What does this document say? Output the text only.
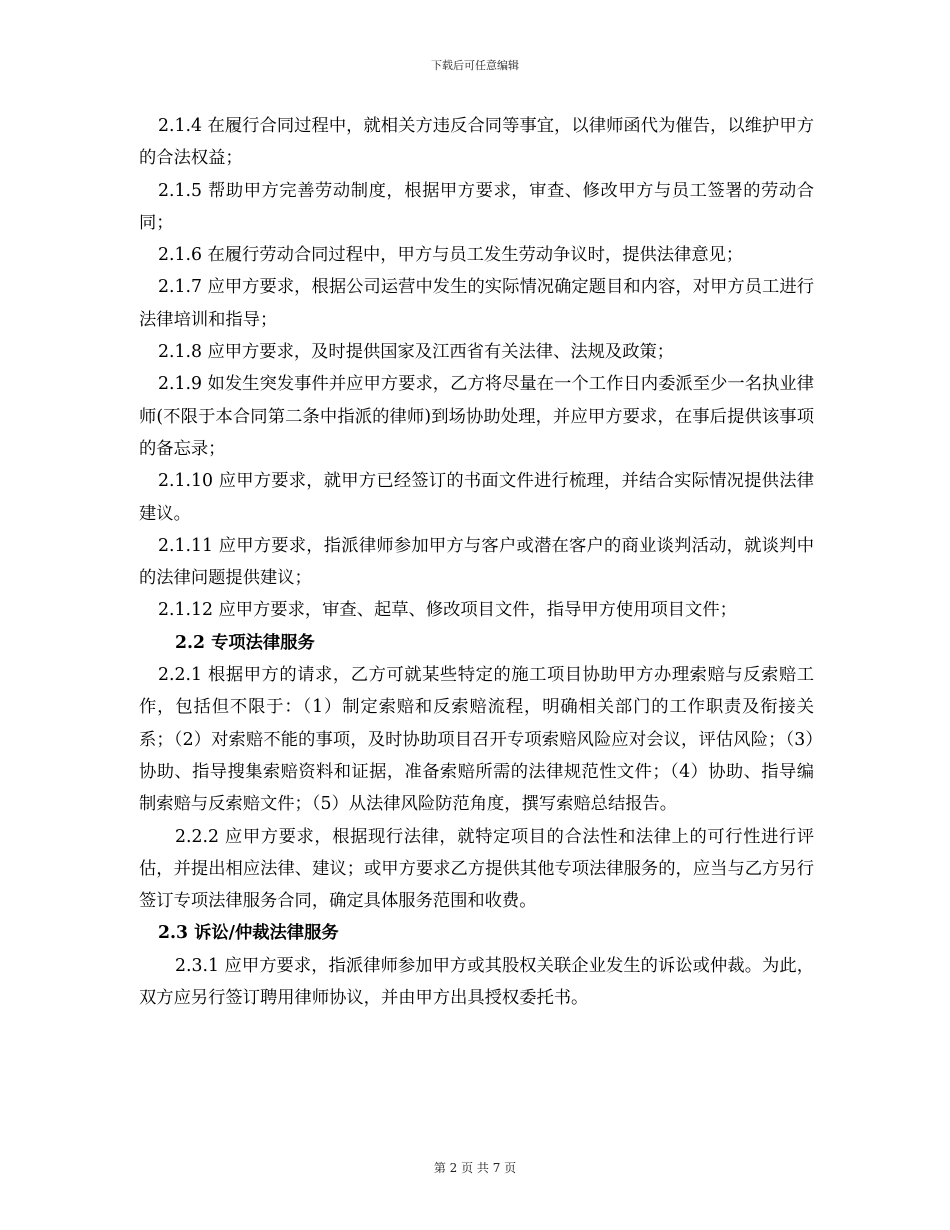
下载后可任意编辑

2.1.4 在履行合同过程中，就相关方违反合同等事宜，以律师函代为催告，以维护甲方的合法权益；

2.1.5 帮助甲方完善劳动制度，根据甲方要求，审查、修改甲方与员工签署的劳动合同；

2.1.6 在履行劳动合同过程中，甲方与员工发生劳动争议时，提供法律意见；

2.1.7 应甲方要求，根据公司运营中发生的实际情况确定题目和内容，对甲方员工进行法律培训和指导；

2.1.8 应甲方要求，及时提供国家及江西省有关法律、法规及政策；

2.1.9 如发生突发事件并应甲方要求，乙方将尽量在一个工作日内委派至少一名执业律师(不限于本合同第二条中指派的律师)到场协助处理，并应甲方要求，在事后提供该事项的备忘录；

2.1.10 应甲方要求，就甲方已经签订的书面文件进行梳理，并结合实际情况提供法律建议。

2.1.11 应甲方要求，指派律师参加甲方与客户或潜在客户的商业谈判活动，就谈判中的法律问题提供建议；

2.1.12 应甲方要求，审查、起草、修改项目文件，指导甲方使用项目文件；

2.2 专项法律服务

2.2.1 根据甲方的请求，乙方可就某些特定的施工项目协助甲方办理索赔与反索赔工作，包括但不限于：（1）制定索赔和反索赔流程，明确相关部门的工作职责及衔接关系；（2）对索赔不能的事项，及时协助项目召开专项索赔风险应对会议，评估风险；（3）协助、指导搜集索赔资料和证据，准备索赔所需的法律规范性文件；（4）协助、指导编制索赔与反索赔文件；（5）从法律风险防范角度，撰写索赔总结报告。

2.2.2 应甲方要求，根据现行法律，就特定项目的合法性和法律上的可行性进行评估，并提出相应法律、建议；或甲方要求乙方提供其他专项法律服务的，应当与乙方另行签订专项法律服务合同，确定具体服务范围和收费。

2.3 诉讼/仲裁法律服务

2.3.1 应甲方要求，指派律师参加甲方或其股权关联企业发生的诉讼或仲裁。为此，双方应另行签订聘用律师协议，并由甲方出具授权委托书。

第 2 页 共 7 页
